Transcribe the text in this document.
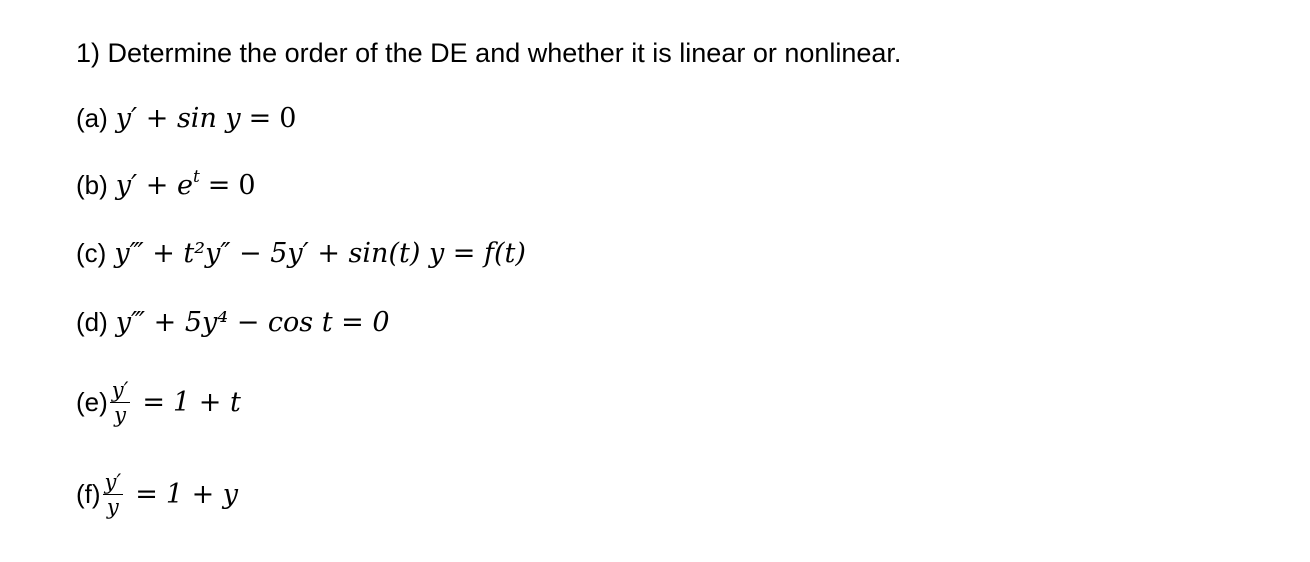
1) Determine the order of the DE and whether it is linear or nonlinear.
(a) y′ + sin y = 0
(b) $y' + e^t = 0$
(c) y‴ + t²y″ − 5y′ + sin(t) y = f(t)
(d) y‴ + 5y⁴ − cos t = 0
$(e) \frac{y'}{y} = 1 + t$
$(f) \frac{y'}{y} = 1 + y$
